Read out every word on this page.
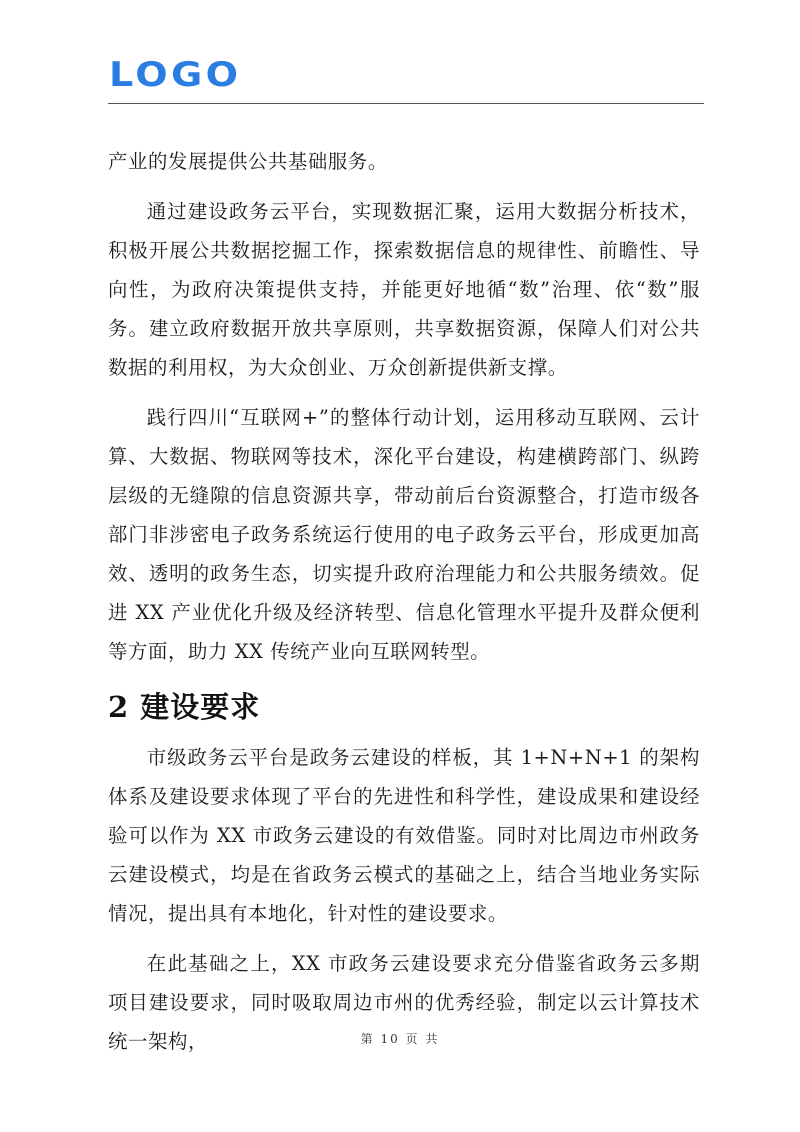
LOGO

产业的发展提供公共基础服务。

通过建设政务云平台，实现数据汇聚，运用大数据分析技术，积极开展公共数据挖掘工作，探索数据信息的规律性、前瞻性、导向性，为政府决策提供支持，并能更好地循“数”治理、依“数”服务。建立政府数据开放共享原则，共享数据资源，保障人们对公共数据的利用权，为大众创业、万众创新提供新支撑。

践行四川“互联网+”的整体行动计划，运用移动互联网、云计算、大数据、物联网等技术，深化平台建设，构建横跨部门、纵跨层级的无缝隙的信息资源共享，带动前后台资源整合，打造市级各部门非涉密电子政务系统运行使用的电子政务云平台，形成更加高效、透明的政务生态，切实提升政府治理能力和公共服务绩效。促进 XX 产业优化升级及经济转型、信息化管理水平提升及群众便利等方面，助力 XX 传统产业向互联网转型。

2 建设要求

市级政务云平台是政务云建设的样板，其 1+N+N+1 的架构体系及建设要求体现了平台的先进性和科学性，建设成果和建设经验可以作为 XX 市政务云建设的有效借鉴。同时对比周边市州政务云建设模式，均是在省政务云模式的基础之上，结合当地业务实际情况，提出具有本地化，针对性的建设要求。

在此基础之上，XX 市政务云建设要求充分借鉴省政务云多期项目建设要求，同时吸取周边市州的优秀经验，制定以云计算技术统一架构，	第 10 页 共
